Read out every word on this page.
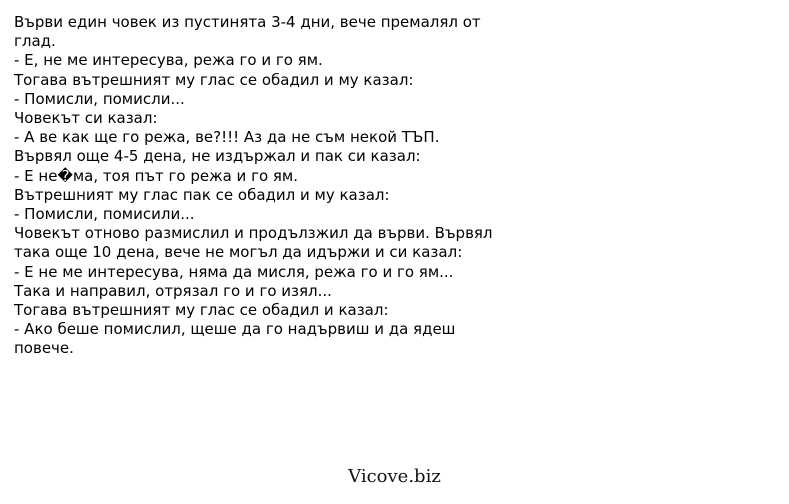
Върви един човек из пустинята 3-4 дни, вече премалял от
глад.
- Е, не ме интересува, режа го и го ям.
Тогава вътрешният му глас се обадил и му казал:
- Помисли, помисли...
Човекът си казал:
- А ве как ще го режа, ве?!!! Аз да не съм некой ТЪП.
Вървял още 4-5 дена, не издържал и пак си казал:
- Е не�ма, тоя път го режа и го ям.
Вътрешният му глас пак се обадил и му казал:
- Помисли, помисили...
Човекът отново размислил и продълзжил да върви. Вървял
така още 10 дена, вече не могъл да идържи и си казал:
- Е не ме интересува, няма да мисля, режа го и го ям...
Така и направил, отрязал го и го изял...
Тогава вътрешният му глас се обадил и казал:
- Ако беше помислил, щеше да го надървиш и да ядеш
повече.
Vicove.biz
